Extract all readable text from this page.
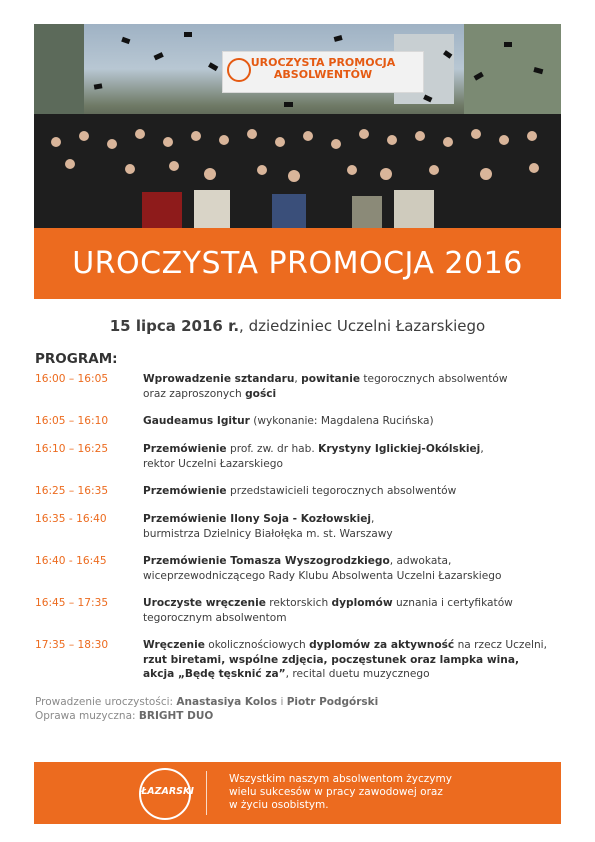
UROCZYSTA PROMOCJA
ABSOLWENTÓW
UROCZYSTA PROMOCJA 2016
15 lipca 2016 r., dziedziniec Uczelni Łazarskiego
PROGRAM:
16:00 – 16:05	Wprowadzenie sztandaru, powitanie tegorocznych absolwentów
oraz zaproszonych gości
16:05 – 16:10	Gaudeamus Igitur (wykonanie: Magdalena Rucińska)
16:10 – 16:25	Przemówienie prof. zw. dr hab. Krystyny Iglickiej-Okólskiej,
rektor Uczelni Łazarskiego
16:25 – 16:35	Przemówienie przedstawicieli tegorocznych absolwentów
16:35 - 16:40	Przemówienie Ilony Soja - Kozłowskiej,
burmistrza Dzielnicy Białołęka m. st. Warszawy
16:40 - 16:45	Przemówienie Tomasza Wyszogrodzkiego, adwokata,
wiceprzewodniczącego Rady Klubu Absolwenta Uczelni Łazarskiego
16:45 – 17:35	Uroczyste wręczenie rektorskich dyplomów uznania i certyfikatów
tegorocznym absolwentom
17:35 – 18:30	Wręczenie okolicznościowych dyplomów za aktywność na rzecz Uczelni,
rzut biretami, wspólne zdjęcia, poczęstunek oraz lampka wina,
akcja „Będę tęsknić za”, recital duetu muzycznego
Prowadzenie uroczystości: Anastasiya Kolos i Piotr Podgórski
Oprawa muzyczna: BRIGHT DUO
ŁAZARSKI
Wszystkim naszym absolwentom życzymy
wielu sukcesów w pracy zawodowej oraz
w życiu osobistym.
